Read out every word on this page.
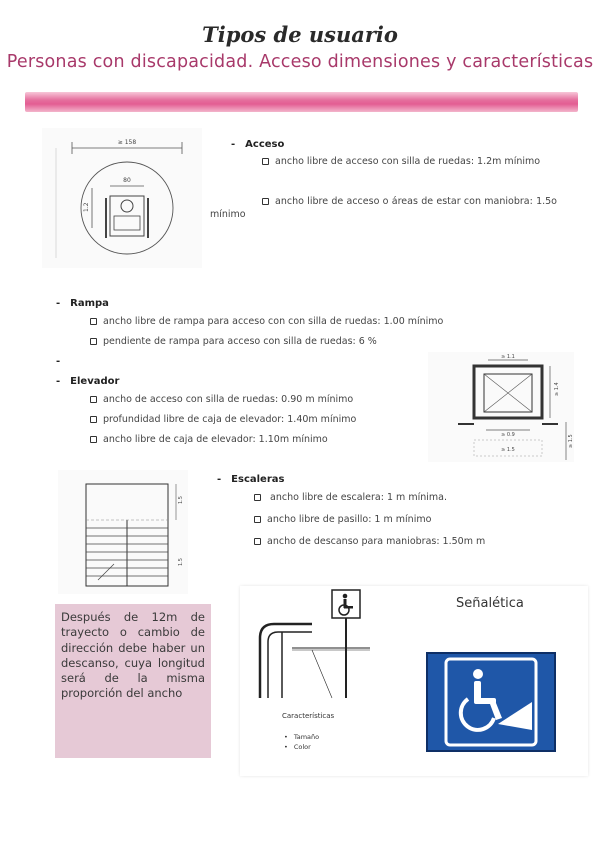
Tipos de usuario
Personas con discapacidad. Acceso dimensiones y características
≥ 158
80
1.2
- Acceso
ancho libre de acceso con silla de ruedas: 1.2m mínimo
ancho libre de acceso o áreas de estar con maniobra: 1.5o mínimo
- Rampa
ancho libre de rampa para acceso con con silla de ruedas: 1.00 mínimo
pendiente de rampa para acceso con silla de ruedas: 6 %
-
- Elevador
ancho de acceso con silla de ruedas: 0.90 m mínimo
profundidad libre de caja de elevador: 1.40m mínimo
ancho libre de caja de elevador: 1.10m mínimo
≥ 1.1
≥ 1.4
≥ 0.9
≥ 1.5
≥ 1.5
1.5
1.5
- Escaleras
ancho libre de escalera: 1 m mínima.
ancho libre de pasillo: 1 m mínimo
ancho de descanso para maniobras: 1.50m m
Después de 12m de trayecto o cambio de dirección debe haber un descanso, cuya longitud será de la misma proporción del ancho
Señalética
Características
• Tamaño
• Color
